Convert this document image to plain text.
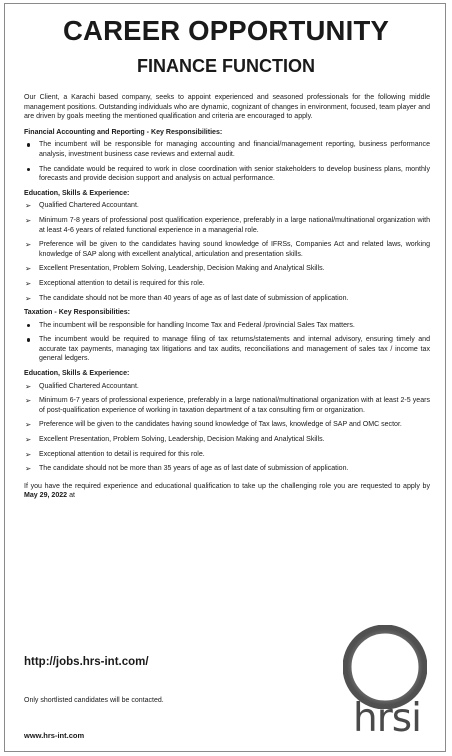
CAREER OPPORTUNITY
FINANCE FUNCTION

Our Client, a Karachi based company, seeks to appoint experienced and seasoned professionals for the following middle management positions. Outstanding individuals who are dynamic, cognizant of changes in environment, focused, team player and are driven by goals meeting the mentioned qualification and criteria are encouraged to apply.

Financial Accounting and Reporting - Key Responsibilities:
The incumbent will be responsible for managing accounting and financial/management reporting, business performance analysis, investment business case reviews and external audit.
The candidate would be required to work in close coordination with senior stakeholders to develop business plans, monthly forecasts and provide decision support and analysis on actual performance.
Education, Skills & Experience:
➢ Qualified Chartered Accountant.
➢ Minimum 7-8 years of professional post qualification experience, preferably in a large national/multinational organization with at least 4-6 years of related functional experience in a managerial role.
➢ Preference will be given to the candidates having sound knowledge of IFRSs, Companies Act and related laws, working knowledge of SAP along with excellent analytical, articulation and presentation skills.
➢ Excellent Presentation, Problem Solving, Leadership, Decision Making and Analytical Skills.
➢ Exceptional attention to detail is required for this role.
➢ The candidate should not be more than 40 years of age as of last date of submission of application.
Taxation - Key Responsibilities:
The incumbent will be responsible for handling Income Tax and Federal /provincial Sales Tax matters.
The incumbent would be required to manage filing of tax returns/statements and internal advisory, ensuring timely and accurate tax payments, managing tax litigations and tax audits, reconciliations and management of sales tax / income tax general ledgers.
Education, Skills & Experience:
➢ Qualified Chartered Accountant.
➢ Minimum 6-7 years of professional experience, preferably in a large national/multinational organization with at least 2-5 years of post-qualification experience of working in taxation department of a tax consulting firm or organization.
➢ Preference will be given to the candidates having sound knowledge of Tax laws, knowledge of SAP and OMC sector.
➢ Excellent Presentation, Problem Solving, Leadership, Decision Making and Analytical Skills.
➢ Exceptional attention to detail is required for this role.
➢ The candidate should not be more than 35 years of age as of last date of submission of application.

If you have the required experience and educational qualification to take up the challenging role you are requested to apply by May 29, 2022 at

http://jobs.hrs-int.com/
Only shortlisted candidates will be contacted.
www.hrs-int.com	hrsi
